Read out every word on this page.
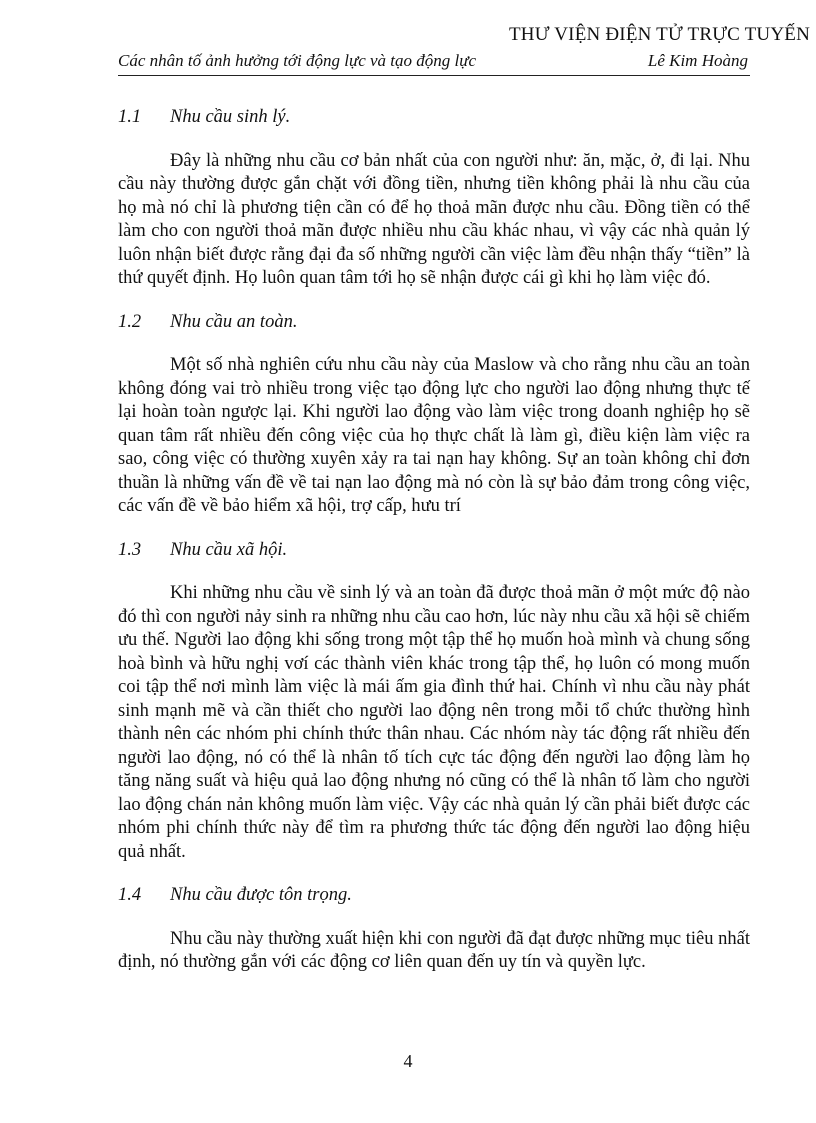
THƯ VIỆN ĐIỆN TỬ TRỰC TUYẾN
Các nhân tố ảnh hưởng tới động lực và tạo động lực	Lê Kim Hoàng
1.1 Nhu cầu sinh lý.

Đây là những nhu cầu cơ bản nhất của con người như: ăn, mặc, ở, đi lại. Nhu cầu này thường được gắn chặt với đồng tiền, nhưng tiền không phải là nhu cầu của họ mà nó chỉ là phương tiện cần có để họ thoả mãn được nhu cầu. Đồng tiền có thể làm cho con người thoả mãn được nhiều nhu cầu khác nhau, vì vậy các nhà quản lý luôn nhận biết được rằng đại đa số những người cần việc làm đều nhận thấy “tiền” là thứ quyết định. Họ luôn quan tâm tới họ sẽ nhận được cái gì khi họ làm việc đó.

1.2 Nhu cầu an toàn.

Một số nhà nghiên cứu nhu cầu này của Maslow và cho rằng nhu cầu an toàn không đóng vai trò nhiều trong việc tạo động lực cho người lao động nhưng thực tế lại hoàn toàn ngược lại. Khi người lao động vào làm việc trong doanh nghiệp họ sẽ quan tâm rất nhiều đến công việc của họ thực chất là làm gì, điều kiện làm việc ra sao, công việc có thường xuyên xảy ra tai nạn hay không. Sự an toàn không chỉ đơn thuần là những vấn đề về tai nạn lao động mà nó còn là sự bảo đảm trong công việc, các vấn đề về bảo hiểm xã hội, trợ cấp, hưu trí

1.3 Nhu cầu xã hội.

Khi những nhu cầu về sinh lý và an toàn đã được thoả mãn ở một mức độ nào đó thì con người nảy sinh ra những nhu cầu cao hơn, lúc này nhu cầu xã hội sẽ chiếm ưu thế. Người lao động khi sống trong một tập thể họ muốn hoà mình và chung sống hoà bình và hữu nghị vơí các thành viên khác trong tập thể, họ luôn có mong muốn coi tập thể nơi mình làm việc là mái ấm gia đình thứ hai. Chính vì nhu cầu này phát sinh mạnh mẽ và cần thiết cho người lao động nên trong mỗi tổ chức thường hình thành nên các nhóm phi chính thức thân nhau. Các nhóm này tác động rất nhiều đến người lao động, nó có thể là nhân tố tích cực tác động đến người lao động làm họ tăng năng suất và hiệu quả lao động nhưng nó cũng có thể là nhân tố làm cho người lao động chán nản không muốn làm việc. Vậy các nhà quản lý cần phải biết được các nhóm phi chính thức này để tìm ra phương thức tác động đến người lao động hiệu quả nhất.

1.4 Nhu cầu được tôn trọng.

Nhu cầu này thường xuất hiện khi con người đã đạt được những mục tiêu nhất định, nó thường gắn với các động cơ liên quan đến uy tín và quyền lực.

4
